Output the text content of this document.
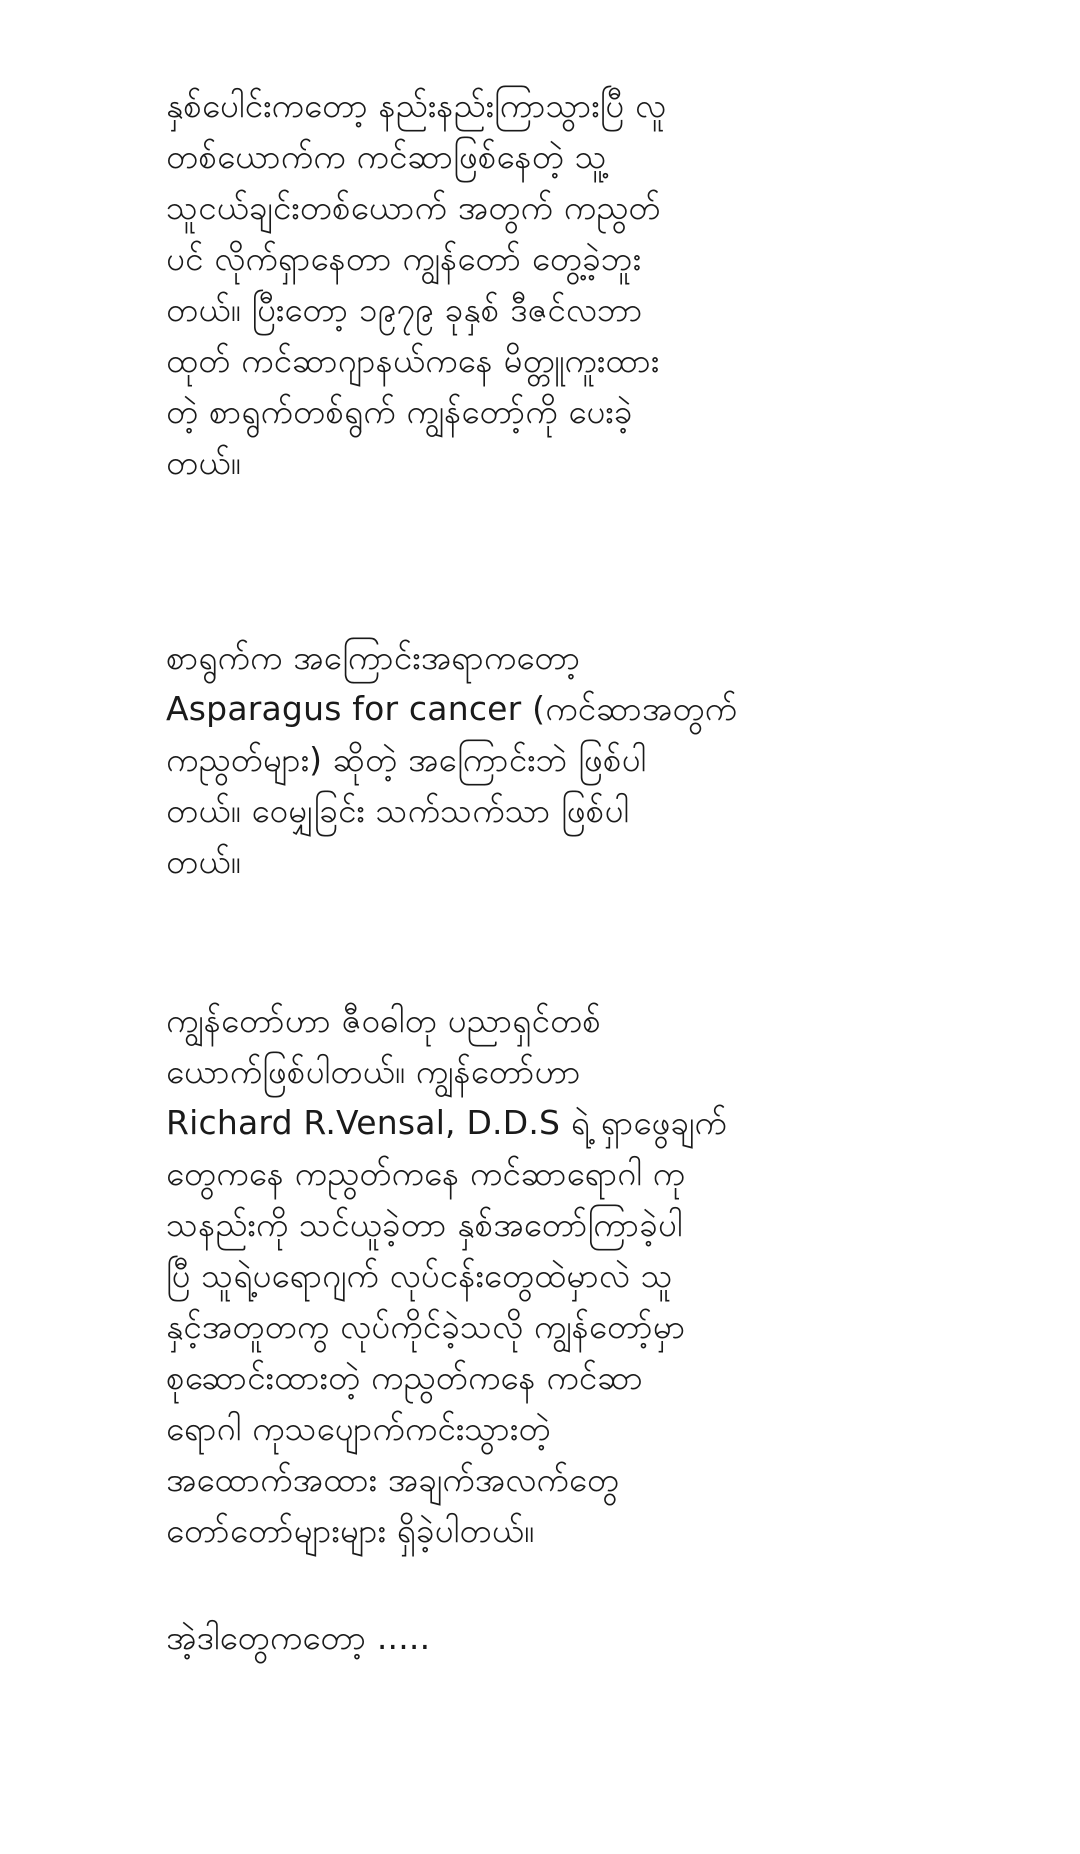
နှစ်ပေါင်းကတော့ နည်းနည်းကြာသွားပြီ လူ
တစ်ယောက်က ကင်ဆာဖြစ်နေတဲ့ သူ့
သူငယ်ချင်းတစ်ယောက် အတွက် ကညွတ်
ပင် လိုက်ရှာနေတာ ကျွန်တော် တွေ့ခဲ့ဘူး
တယ်။ ပြီးတော့ ၁၉၇၉ ခုနှစ် ဒီဇင်လဘာ
ထုတ် ကင်ဆာဂျာနယ်ကနေ မိတ္တူကူးထား
တဲ့ စာရွက်တစ်ရွက် ကျွန်တော့်ကို ပေးခဲ့
တယ်။
စာရွက်က အကြောင်းအရာကတော့
Asparagus for cancer (ကင်ဆာအတွက်
ကညွတ်များ) ဆိုတဲ့ အကြောင်းဘဲ ဖြစ်ပါ
တယ်။ ဝေမျှခြင်း သက်သက်သာ ဖြစ်ပါ
တယ်။
ကျွန်တော်ဟာ ဇီဝဓါတု ပညာရှင်တစ်
ယောက်ဖြစ်ပါတယ်။ ကျွန်တော်ဟာ
Richard R.Vensal, D.D.S ရဲ့ ရှာဖွေချက်
တွေကနေ ကညွတ်ကနေ ကင်ဆာရောဂါ ကု
သနည်းကို သင်ယူခဲ့တာ နှစ်အတော်ကြာခဲ့ပါ
ပြီ သူရဲ့ပရောဂျက် လုပ်ငန်းတွေထဲမှာလဲ သူ
နှင့်အတူတကွ လုပ်ကိုင်ခဲ့သလို ကျွန်တော့်မှာ
စုဆောင်းထားတဲ့ ကညွတ်ကနေ ကင်ဆာ
ရောဂါ ကုသပျောက်ကင်းသွားတဲ့
အထောက်အထား အချက်အလက်တွေ
တော်တော်များများ ရှိခဲ့ပါတယ်။
အဲ့ဒါတွေကတော့ .....
